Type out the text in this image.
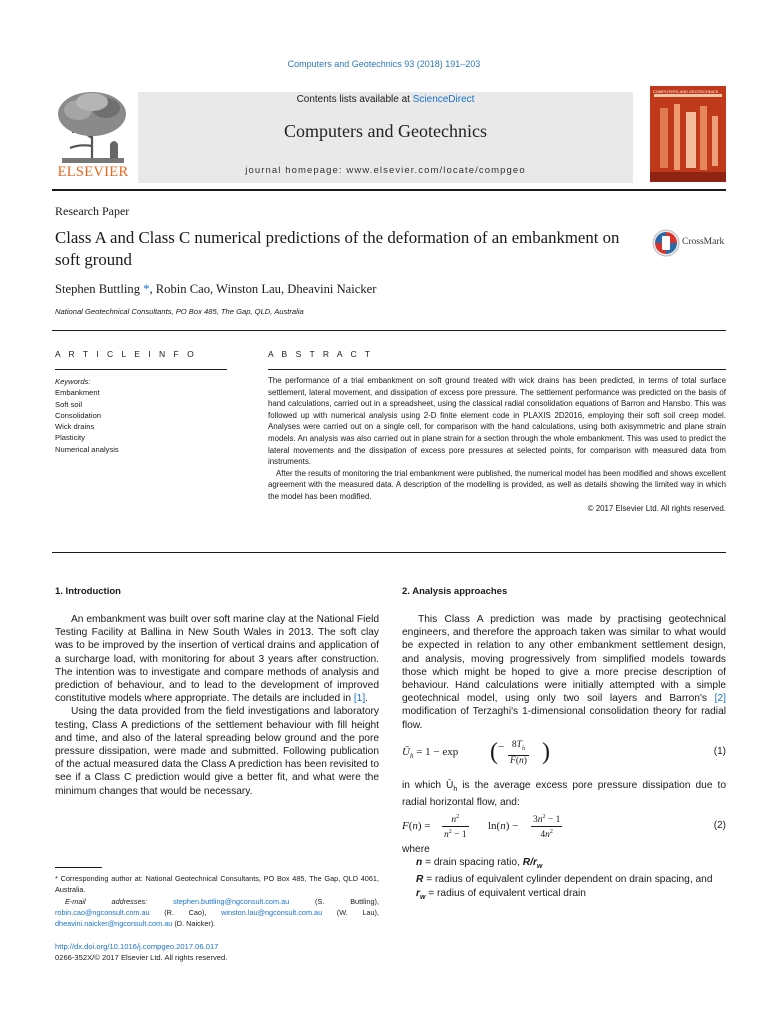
Computers and Geotechnics 93 (2018) 191–203
ELSEVIER
Contents lists available at ScienceDirect
Computers and Geotechnics
journal homepage: www.elsevier.com/locate/compgeo
COMPUTERS AND GEOTECHNICS
Research Paper
Class A and Class C numerical predictions of the deformation of an embankment on soft ground
CrossMark
Stephen Buttling *, Robin Cao, Winston Lau, Dheavini Naicker
National Geotechnical Consultants, PO Box 485, The Gap, QLD, Australia
A R T I C L E I N F O
Keywords:
Embankment
Soft soil
Consolidation
Wick drains
Plasticity
Numerical analysis
A B S T R A C T

The performance of a trial embankment on soft ground treated with wick drains has been predicted, in terms of total surface settlement, lateral movement, and dissipation of excess pore pressure. The settlement performance was predicted on the basis of hand calculations, carried out in a spreadsheet, using the classical radial consolidation equations of Barron and Hansbo. This was followed up with numerical analysis using 2-D finite element code in PLAXIS 2D2016, employing their soft soil creep model. Analyses were carried out on a single cell, for comparison with the hand calculations, using both axisymmetric and plane strain models. An analysis was also carried out in plane strain for a section through the whole embankment. This was used to predict the lateral movements and the dissipation of excess pore pressures at selected points, for comparison with measured data from instruments.

After the results of monitoring the trial embankment were published, the numerical model has been modified and shows excellent agreement with the measured data. A description of the modelling is provided, as well as details showing the limited way in which the model has been modified.

© 2017 Elsevier Ltd. All rights reserved.

1. Introduction

An embankment was built over soft marine clay at the National Field Testing Facility at Ballina in New South Wales in 2013. The soft clay was to be improved by the insertion of vertical drains and application of a surcharge load, with monitoring for about 3 years after construction. The intention was to investigate and compare methods of analysis and prediction of behaviour, and to lead to the development of improved constitutive models where appropriate. The details are included in [1].

Using the data provided from the field investigations and laboratory testing, Class A predictions of the settlement behaviour with fill height and time, and also of the lateral spreading below ground and the pore pressure dissipation, were made and submitted. Following publication of the actual measured data the Class A prediction has been revisited to see if a Class C prediction would give a better fit, and what were the minimum changes that would be necessary.

* Corresponding author at: National Geotechnical Consultants, PO Box 485, The Gap, QLD 4061, Australia.
E-mail addresses: stephen.buttling@ngconsult.com.au (S. Buttling), robin.cao@ngconsult.com.au (R. Cao), winston.lau@ngconsult.com.au (W. Lau), dheavini.naicker@ngconsult.com.au (D. Naicker).
http://dx.doi.org/10.1016/j.compgeo.2017.06.017
0266-352X/© 2017 Elsevier Ltd. All rights reserved.
2. Analysis approaches

This Class A prediction was made by practising geotechnical engineers, and therefore the approach taken was similar to what would be expected in relation to any other embankment settlement design, and analysis, moving progressively from simplified models towards those which might be hoped to give a more precise description of behaviour. Hand calculations were initially attempted with a simple geotechnical model, using only two soil layers and Barron's [2] modification of Terzaghi's 1-dimensional consolidation theory for radial flow.

$Ū_h = 1 - \exp$ ( − $\frac{8T_h}{F(n)}$ )	(1)
in which $Ū_h$ is the average excess pore pressure dissipation due to radial horizontal flow, and:
$F(n) = \frac{n^2}{n^2 - 1} \ln(n) - \frac{3n^2 - 1}{4n^2}$	(2)
where
n = drain spacing ratio, $R/r_w$
R = radius of equivalent cylinder dependent on drain spacing, and
$r_w$ = radius of equivalent vertical drain
